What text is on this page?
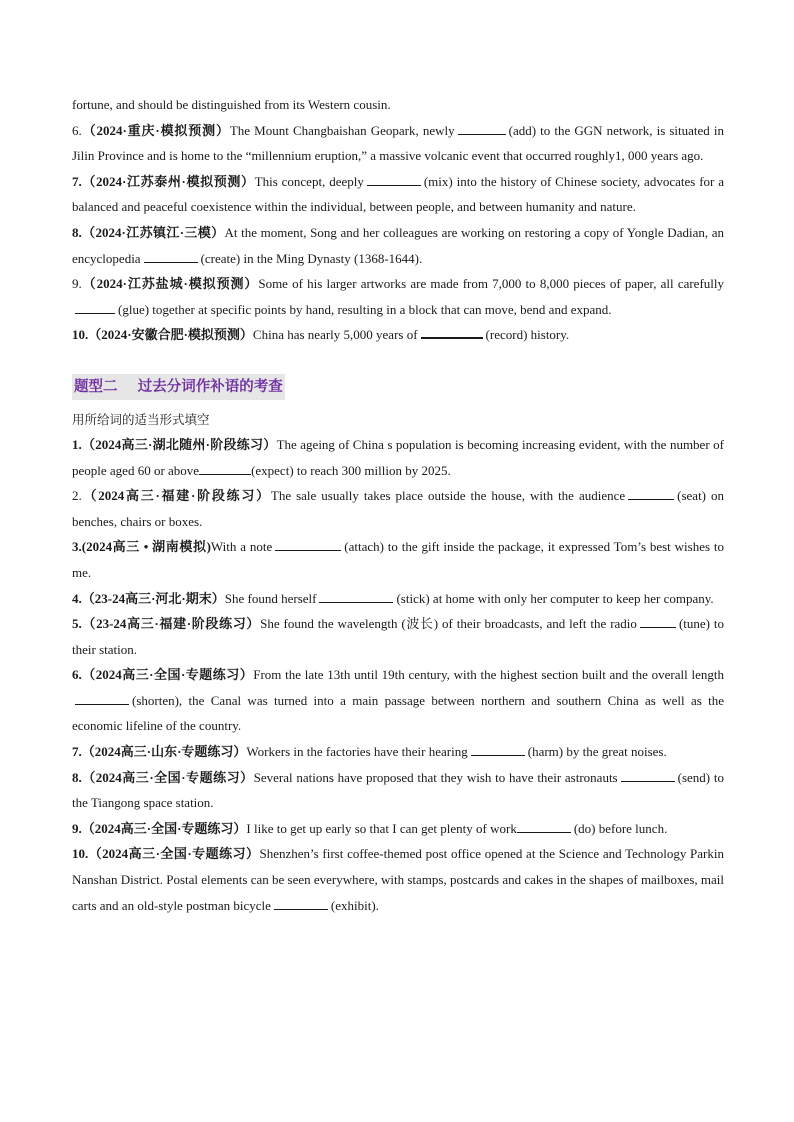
fortune, and should be distinguished from its Western cousin.

6.（2024·重庆·模拟预测）The Mount Changbaishan Geopark, newly	(add) to the GGN network, is situated in Jilin Province and is home to the “millennium eruption,” a massive volcanic event that occurred roughly1, 000 years ago.

7.（2024·江苏泰州·模拟预测）This concept, deeply	(mix) into the history of Chinese society, advocates for a balanced and peaceful coexistence within the individual, between people, and between humanity and nature.

8.（2024·江苏镇江·三模）At the moment, Song and her colleagues are working on restoring a copy of Yongle Dadian, an encyclopedia	(create) in the Ming Dynasty (1368-1644).

9.（2024·江苏盐城·模拟预测）Some of his larger artworks are made from 7,000 to 8,000 pieces of paper, all carefully(glue) together at specific points by hand, resulting in a block that can move, bend and expand.

10.（2024·安徽合肥·模拟预测）China has nearly 5,000 years of	(record) history.

题型二    过去分词作补语的考查

用所给词的适当形式填空

1.（2024高三·湖北随州·阶段练习）The ageing of China s population is becoming increasing evident, with the number of people aged 60 or above	(expect) to reach 300 million by 2025.

2.（2024高三·福建·阶段练习）The sale usually takes place outside the house, with the audience	(seat) on benches, chairs or boxes.

3.(2024高三 • 湖南模拟)With a note	(attach) to the gift inside the package, it expressed Tom’s best wishes to me.

4.（23-24高三·河北·期末）She found herself	(stick) at home with only her computer to keep her company.

5.（23-24高三·福建·阶段练习）She found the wavelength (波长) of their broadcasts, and left the radio	(tune) to their station.

6.（2024高三·全国·专题练习）From the late 13th until 19th century, with the highest section built and the overall length(shorten), the Canal was turned into a main passage between northern and southern China as well as the economic lifeline of the country.

7.（2024高三·山东·专题练习）Workers in the factories have their hearing	(harm) by the great noises.

8.（2024高三·全国·专题练习）Several nations have proposed that they wish to have their astronauts	(send) to the Tiangong space station.

9.（2024高三·全国·专题练习）I like to get up early so that I can get plenty of work	(do) before lunch.

10.（2024高三·全国·专题练习）Shenzhen’s first coffee-themed post office opened at the Science and Technology Parkin Nanshan District. Postal elements can be seen everywhere, with stamps, postcards and cakes in the shapes of mailboxes, mail carts and an old-style postman bicycle	(exhibit).
